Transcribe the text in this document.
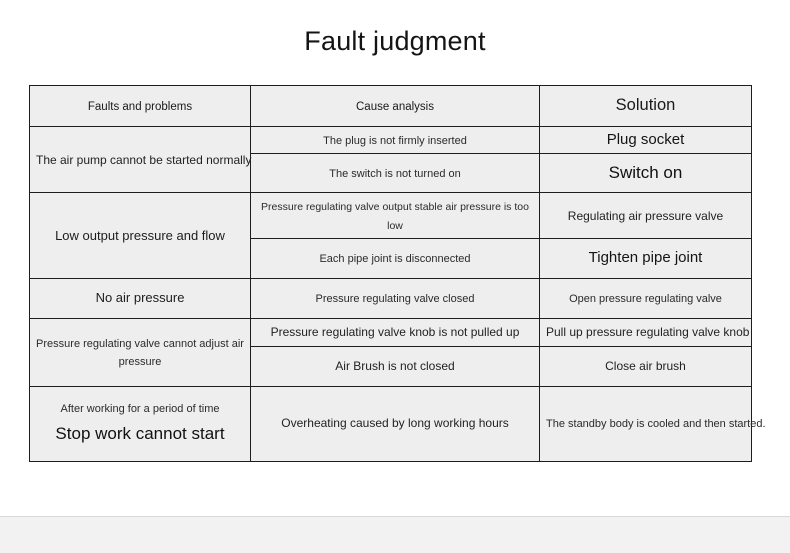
Fault judgment
Faults and problems	Cause analysis	Solution
The air pump cannot be started normally	The plug is not firmly inserted	Plug socket
	The switch is not turned on	Switch on
Low output pressure and flow	Pressure regulating valve output stable air pressure is too low	Regulating air pressure valve
	Each pipe joint is disconnected	Tighten pipe joint
No air pressure	Pressure regulating valve closed	Open pressure regulating valve
Pressure regulating valve cannot adjust air pressure	Pressure regulating valve knob is not pulled up	Pull up pressure regulating valve knob
	Air Brush is not closed	Close air brush

After working for a period of time
Stop work cannot start	Overheating caused by long working hours	The standby body is cooled and then started.
